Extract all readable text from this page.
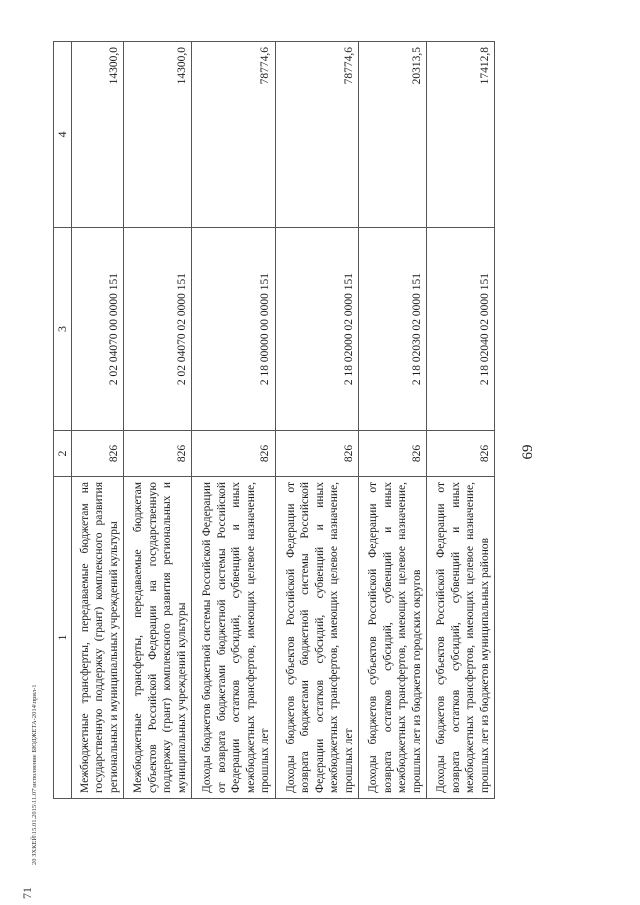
71
20 ЗХКЕЙ\15.01.2015\11.07\исполнение БЮДЖЕТА-2014\прил-1
69
1	2	3	4
Межбюджетные трансферты, передаваемые бюджетам на государственную поддержку (грант) комплексного развития региональных и муниципальных учреждений культуры	826	2 02 04070 00 0000 151	14300,0
Межбюджетные трансферты, передаваемые бюджетам субъектов Российской Федерации на государственную поддержку (грант) комплексного развития региональных и муниципальных учреждений культуры	826	2 02 04070 02 0000 151	14300,0
Доходы бюджетов бюджетной системы Российской Федерации от возврата бюджетами бюджетной системы Российской Федерации остатков субсидий, субвенций и иных межбюджетных трансфертов, имеющих целевое назначение, прошлых лет	826	2 18 00000 00 0000 151	78774,6
Доходы бюджетов субъектов Российской Федерации от возврата бюджетами бюджетной системы Российской Федерации остатков субсидий, субвенций и иных межбюджетных трансфертов, имеющих целевое назначение, прошлых лет	826	2 18 02000 02 0000 151	78774,6
Доходы бюджетов субъектов Российской Федерации от возврата остатков субсидий, субвенций и иных межбюджетных трансфертов, имеющих целевое назначение, прошлых лет из бюджетов городских округов	826	2 18 02030 02 0000 151	20313,5
Доходы бюджетов субъектов Российской Федерации от возврата остатков субсидий, субвенций и иных межбюджетных трансфертов, имеющих целевое назначение, прошлых лет из бюджетов муниципальных районов	826	2 18 02040 02 0000 151	17412,8
